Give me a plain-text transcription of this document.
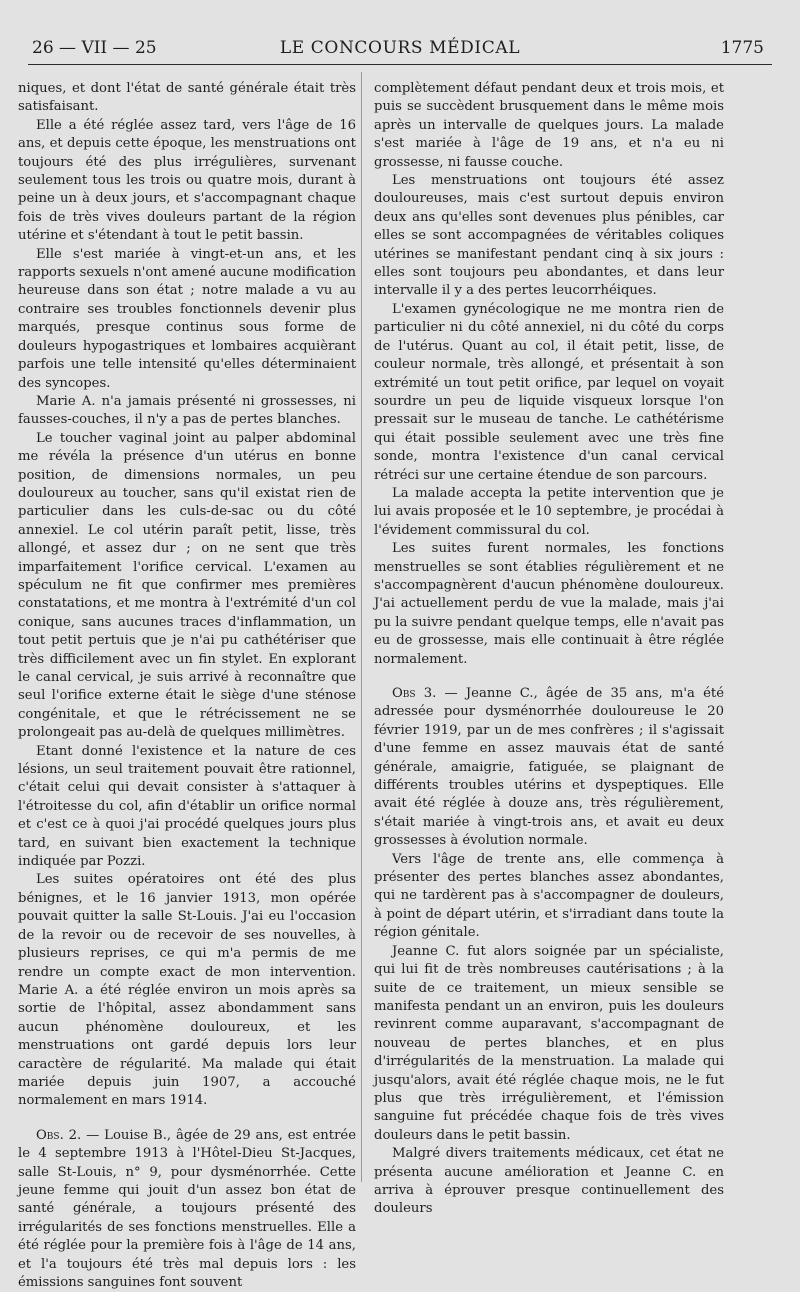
26 — VII — 25	LE CONCOURS MÉDICAL	1775

niques, et dont l'état de santé générale était très satisfaisant.

Elle a été réglée assez tard, vers l'âge de 16 ans, et depuis cette époque, les menstruations ont toujours été des plus irrégulières, survenant seulement tous les trois ou quatre mois, durant à peine un à deux jours, et s'accompagnant chaque fois de très vives douleurs partant de la région utérine et s'étendant à tout le petit bassin.

Elle s'est mariée à vingt-et-un ans, et les rapports sexuels n'ont amené aucune modification heureuse dans son état ; notre malade a vu au contraire ses troubles fonctionnels devenir plus marqués, presque continus sous forme de douleurs hypogastriques et lombaires acquièrant parfois une telle intensité qu'elles déterminaient des syncopes.

Marie A. n'a jamais présenté ni grossesses, ni fausses-couches, il n'y a pas de pertes blanches.

Le toucher vaginal joint au palper abdominal me révéla la présence d'un utérus en bonne position, de dimensions normales, un peu douloureux au toucher, sans qu'il existat rien de particulier dans les culs-de-sac ou du côté annexiel. Le col utérin paraît petit, lisse, très allongé, et assez dur ; on ne sent que très imparfaitement l'orifice cervical. L'examen au spéculum ne fit que confirmer mes premières constatations, et me montra à l'extrémité d'un col conique, sans aucunes traces d'inflammation, un tout petit pertuis que je n'ai pu cathétériser que très difficilement avec un fin stylet. En explorant le canal cervical, je suis arrivé à reconnaître que seul l'orifice externe était le siège d'une sténose congénitale, et que le rétrécissement ne se prolongeait pas au-delà de quelques millimètres.

Etant donné l'existence et la nature de ces lésions, un seul traitement pouvait être rationnel, c'était celui qui devait consister à s'attaquer à l'étroitesse du col, afin d'établir un orifice normal et c'est ce à quoi j'ai procédé quelques jours plus tard, en suivant bien exactement la technique indiquée par Pozzi.

Les suites opératoires ont été des plus bénignes, et le 16 janvier 1913, mon opérée pouvait quitter la salle St-Louis. J'ai eu l'occasion de la revoir ou de recevoir de ses nouvelles, à plusieurs reprises, ce qui m'a permis de me rendre un compte exact de mon intervention. Marie A. a été réglée environ un mois après sa sortie de l'hôpital, assez abondamment sans aucun phénomène douloureux, et les menstruations ont gardé depuis lors leur caractère de régularité. Ma malade qui était mariée depuis juin 1907, a accouché normalement en mars 1914.

Obs. 2. — Louise B., âgée de 29 ans, est entrée le 4 septembre 1913 à l'Hôtel-Dieu St-Jacques, salle St-Louis, n° 9, pour dysménorrhée. Cette jeune femme qui jouit d'un assez bon état de santé générale, a toujours présenté des irrégularités de ses fonctions menstruelles. Elle a été réglée pour la première fois à l'âge de 14 ans, et l'a toujours été très mal depuis lors : les émissions sanguines font souvent

complètement défaut pendant deux et trois mois, et puis se succèdent brusquement dans le même mois après un intervalle de quelques jours. La malade s'est mariée à l'âge de 19 ans, et n'a eu ni grossesse, ni fausse couche.

Les menstruations ont toujours été assez douloureuses, mais c'est surtout depuis environ deux ans qu'elles sont devenues plus pénibles, car elles se sont accompagnées de véritables coliques utérines se manifestant pendant cinq à six jours : elles sont toujours peu abondantes, et dans leur intervalle il y a des pertes leucorrhéiques.

L'examen gynécologique ne me montra rien de particulier ni du côté annexiel, ni du côté du corps de l'utérus. Quant au col, il était petit, lisse, de couleur normale, très allongé, et présentait à son extrémité un tout petit orifice, par lequel on voyait sourdre un peu de liquide visqueux lorsque l'on pressait sur le museau de tanche. Le cathétérisme qui était possible seulement avec une très fine sonde, montra l'existence d'un canal cervical rétréci sur une certaine étendue de son parcours.

La malade accepta la petite intervention que je lui avais proposée et le 10 septembre, je procédai à l'évidement commissural du col.

Les suites furent normales, les fonctions menstruelles se sont établies régulièrement et ne s'accompagnèrent d'aucun phénomène douloureux. J'ai actuellement perdu de vue la malade, mais j'ai pu la suivre pendant quelque temps, elle n'avait pas eu de grossesse, mais elle continuait à être réglée normalement.

Obs 3. — Jeanne C., âgée de 35 ans, m'a été adressée pour dysménorrhée douloureuse le 20 février 1919, par un de mes confrères ; il s'agissait d'une femme en assez mauvais état de santé générale, amaigrie, fatiguée, se plaignant de différents troubles utérins et dyspeptiques. Elle avait été réglée à douze ans, très régulièrement, s'était mariée à vingt-trois ans, et avait eu deux grossesses à évolution normale.

Vers l'âge de trente ans, elle commença à présenter des pertes blanches assez abondantes, qui ne tardèrent pas à s'accompagner de douleurs, à point de départ utérin, et s'irradiant dans toute la région génitale.

Jeanne C. fut alors soignée par un spécialiste, qui lui fit de très nombreuses cautérisations ; à la suite de ce traitement, un mieux sensible se manifesta pendant un an environ, puis les douleurs revinrent comme auparavant, s'accompagnant de nouveau de pertes blanches, et en plus d'irrégularités de la menstruation. La malade qui jusqu'alors, avait été réglée chaque mois, ne le fut plus que très irrégulièrement, et l'émission sanguine fut précédée chaque fois de très vives douleurs dans le petit bassin.

Malgré divers traitements médicaux, cet état ne présenta aucune amélioration et Jeanne C. en arriva à éprouver presque continuellement des douleurs
